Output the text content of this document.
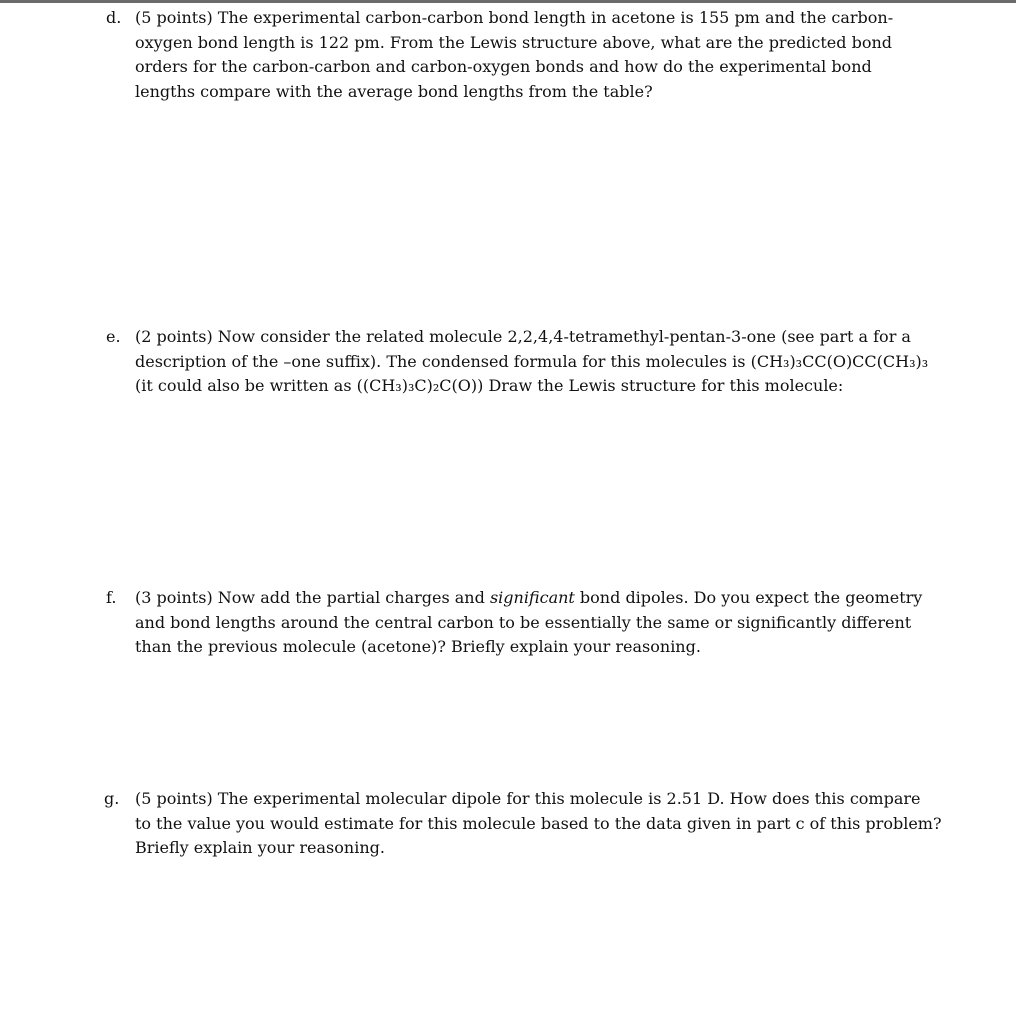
d. (5 points) The experimental carbon-carbon bond length in acetone is 155 pm and the carbon-
oxygen bond length is 122 pm. From the Lewis structure above, what are the predicted bond
orders for the carbon-carbon and carbon-oxygen bonds and how do the experimental bond
lengths compare with the average bond lengths from the table?
e. (2 points) Now consider the related molecule 2,2,4,4-tetramethyl-pentan-3-one (see part a for a
description of the –one suffix). The condensed formula for this molecules is (CH₃)₃CC(O)CC(CH₃)₃
(it could also be written as ((CH₃)₃C)₂C(O)) Draw the Lewis structure for this molecule:
f. (3 points) Now add the partial charges and significant bond dipoles. Do you expect the geometry
and bond lengths around the central carbon to be essentially the same or significantly different
than the previous molecule (acetone)? Briefly explain your reasoning.
g. (5 points) The experimental molecular dipole for this molecule is 2.51 D. How does this compare
to the value you would estimate for this molecule based to the data given in part c of this problem?
Briefly explain your reasoning.
